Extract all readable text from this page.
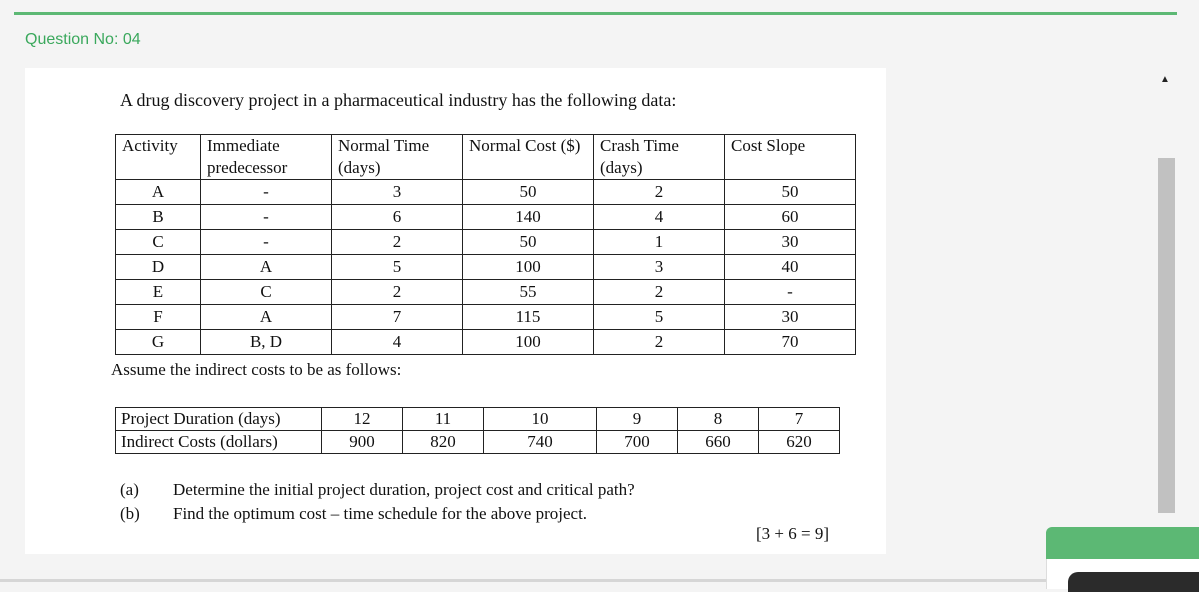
Question No: 04
A drug discovery project in a pharmaceutical industry has the following data:
Activity	Immediate predecessor	Normal Time (days)	Normal Cost ($)	Crash Time (days)	Cost Slope
A	-	3	50	2	50
B	-	6	140	4	60
C	-	2	50	1	30
D	A	5	100	3	40
E	C	2	55	2	-
F	A	7	115	5	30
G	B, D	4	100	2	70
Assume the indirect costs to be as follows:
Project Duration (days)	12	11	10	9	8	7
Indirect Costs (dollars)	900	820	740	700	660	620
(a)	Determine the initial project duration, project cost and critical path?
(b)	Find the optimum cost – time schedule for the above project.
[3 + 6 = 9]
▲
